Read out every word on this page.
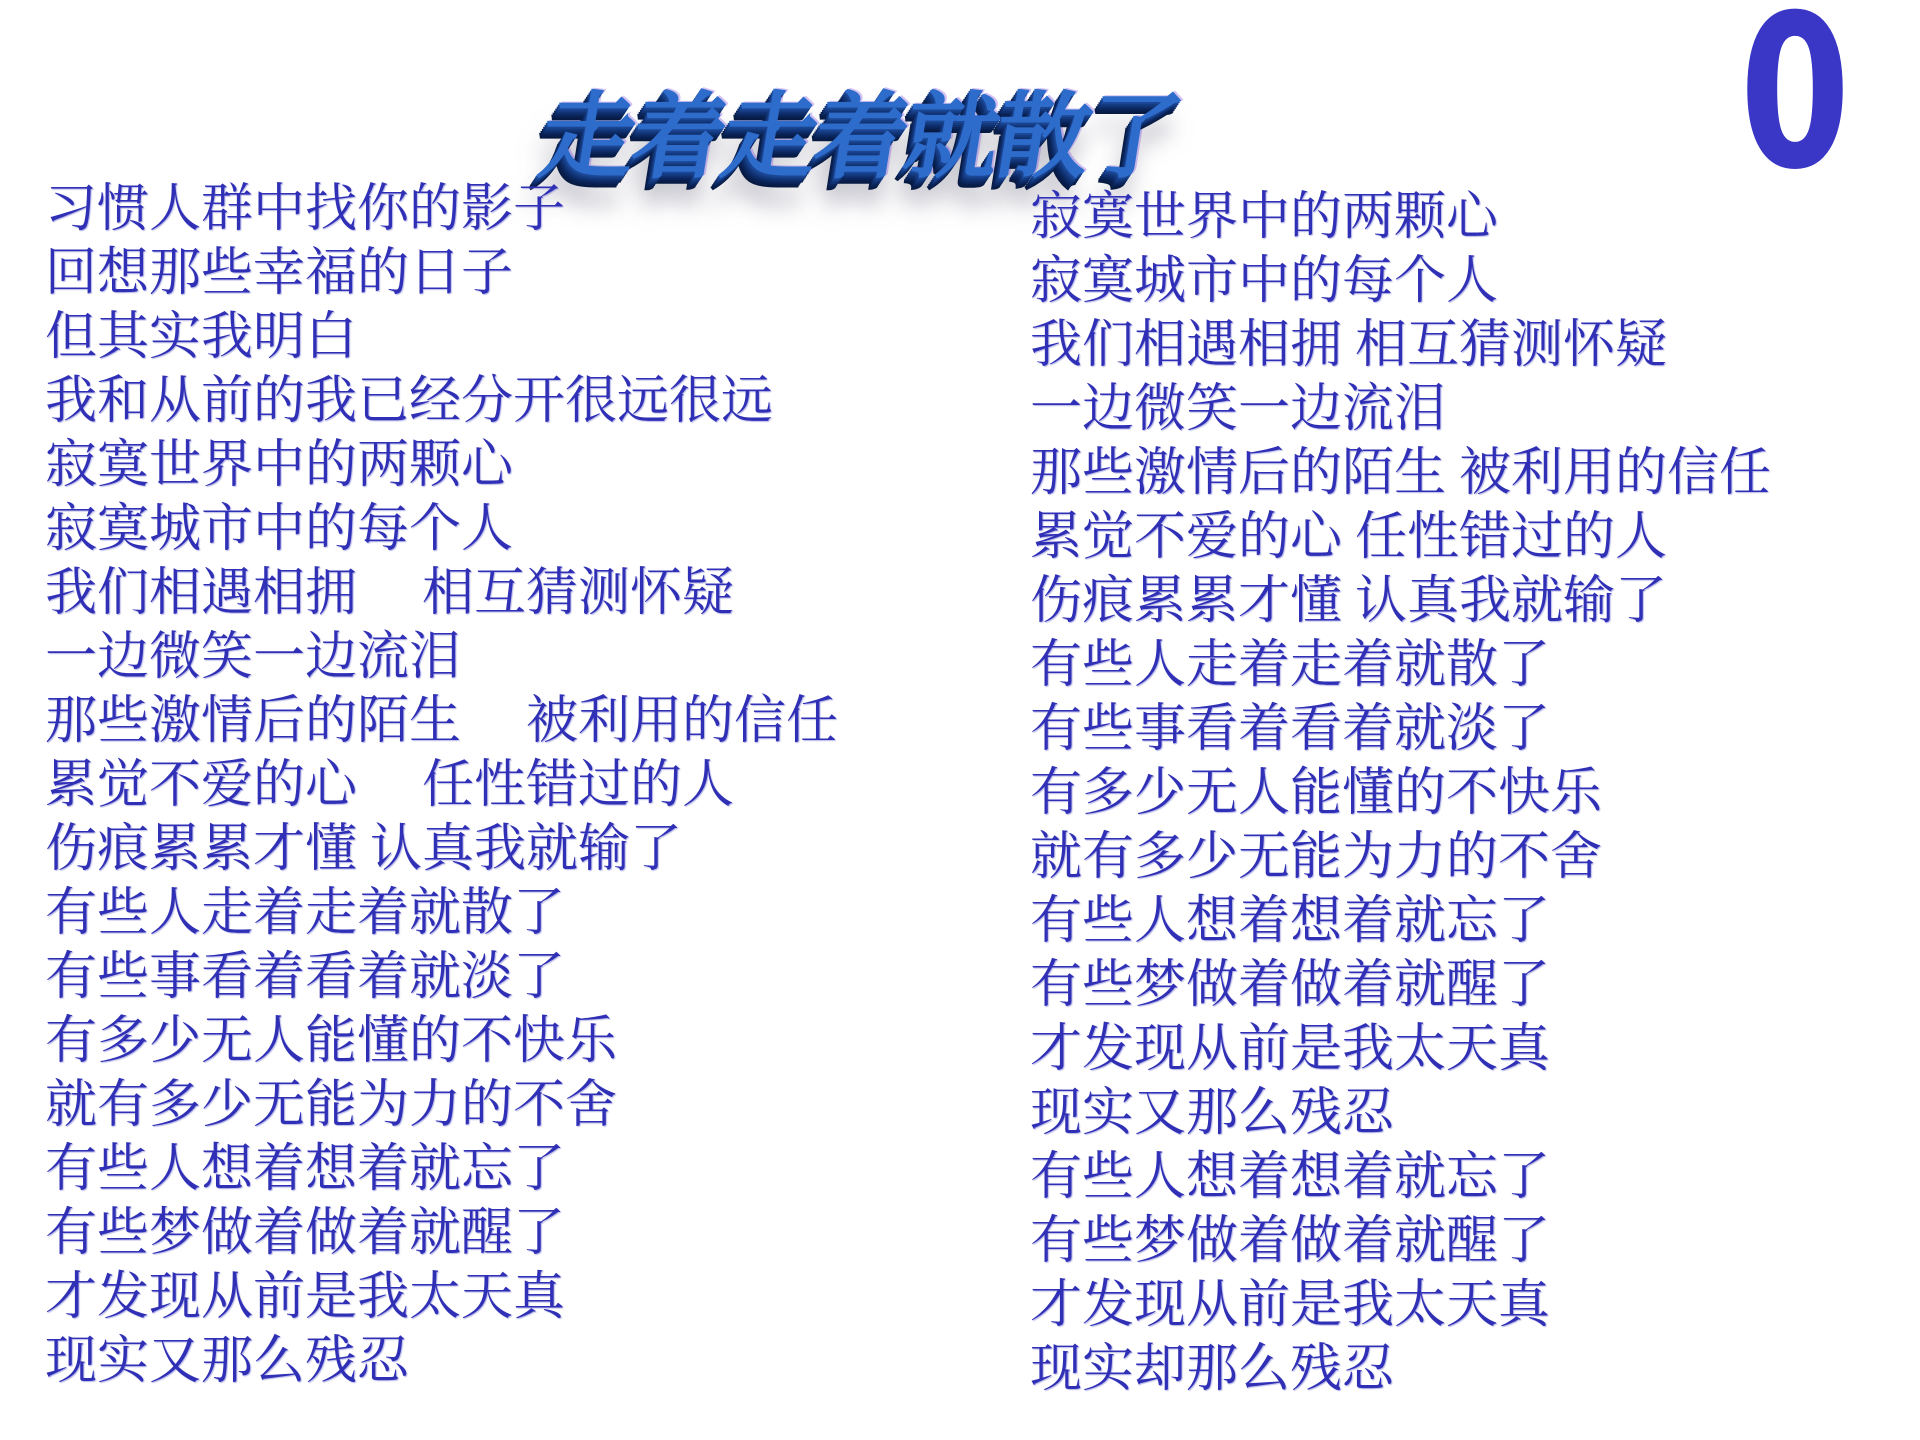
走着走着就散了	0
习惯人群中找你的影子
回想那些幸福的日子
但其实我明白
我和从前的我已经分开很远很远
寂寞世界中的两颗心
寂寞城市中的每个人
我们相遇相拥　 相互猜测怀疑
一边微笑一边流泪
那些激情后的陌生　 被利用的信任
累觉不爱的心　 任性错过的人
伤痕累累才懂 认真我就输了
有些人走着走着就散了
有些事看着看着就淡了
有多少无人能懂的不快乐
就有多少无能为力的不舍
有些人想着想着就忘了
有些梦做着做着就醒了
才发现从前是我太天真
现实又那么残忍
寂寞世界中的两颗心
寂寞城市中的每个人
我们相遇相拥 相互猜测怀疑
一边微笑一边流泪
那些激情后的陌生 被利用的信任
累觉不爱的心 任性错过的人
伤痕累累才懂 认真我就输了
有些人走着走着就散了
有些事看着看着就淡了
有多少无人能懂的不快乐
就有多少无能为力的不舍
有些人想着想着就忘了
有些梦做着做着就醒了
才发现从前是我太天真
现实又那么残忍
有些人想着想着就忘了
有些梦做着做着就醒了
才发现从前是我太天真
现实却那么残忍
